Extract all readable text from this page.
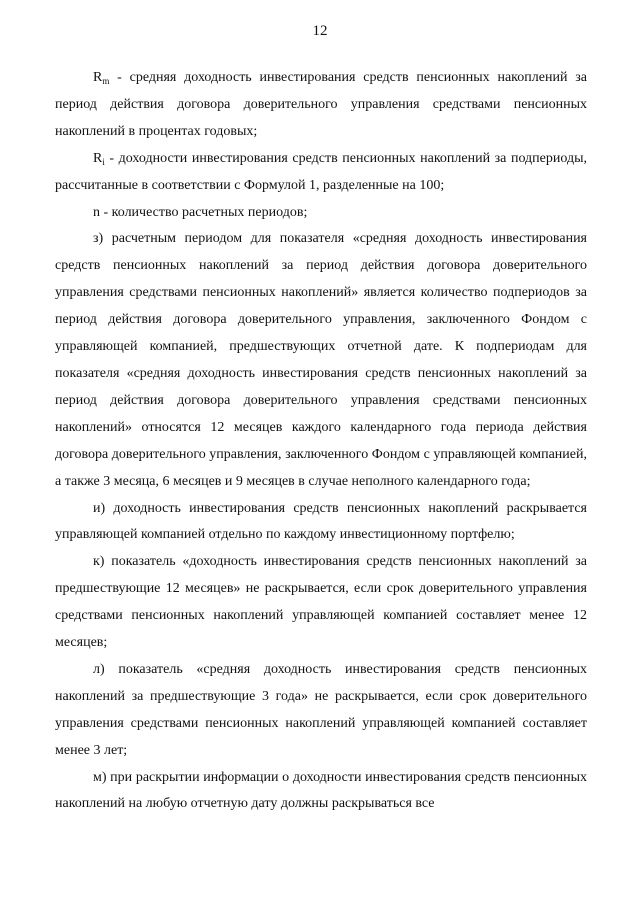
12

$R_m$ - средняя доходность инвестирования средств пенсионных накоплений за период действия договора доверительного управления средствами пенсионных накоплений в процентах годовых;

$R_i$ - доходности инвестирования средств пенсионных накоплений за подпериоды, рассчитанные в соответствии с Формулой 1, разделенные на 100;

n - количество расчетных периодов;

з) расчетным периодом для показателя «средняя доходность инвестирования средств пенсионных накоплений за период действия договора доверительного управления средствами пенсионных накоплений» является количество подпериодов за период действия договора доверительного управления, заключенного Фондом с управляющей компанией, предшествующих отчетной дате. К подпериодам для показателя «средняя доходность инвестирования средств пенсионных накоплений за период действия договора доверительного управления средствами пенсионных накоплений» относятся 12 месяцев каждого календарного года периода действия договора доверительного управления, заключенного Фондом с управляющей компанией, а также 3 месяца, 6 месяцев и 9 месяцев в случае неполного календарного года;

и) доходность инвестирования средств пенсионных накоплений раскрывается управляющей компанией отдельно по каждому инвестиционному портфелю;

к) показатель «доходность инвестирования средств пенсионных накоплений за предшествующие 12 месяцев» не раскрывается, если срок доверительного управления средствами пенсионных накоплений управляющей компанией составляет менее 12 месяцев;

л) показатель «средняя доходность инвестирования средств пенсионных накоплений за предшествующие 3 года» не раскрывается, если срок доверительного управления средствами пенсионных накоплений управляющей компанией составляет менее 3 лет;

м) при раскрытии информации о доходности инвестирования средств пенсионных накоплений на любую отчетную дату должны раскрываться все
